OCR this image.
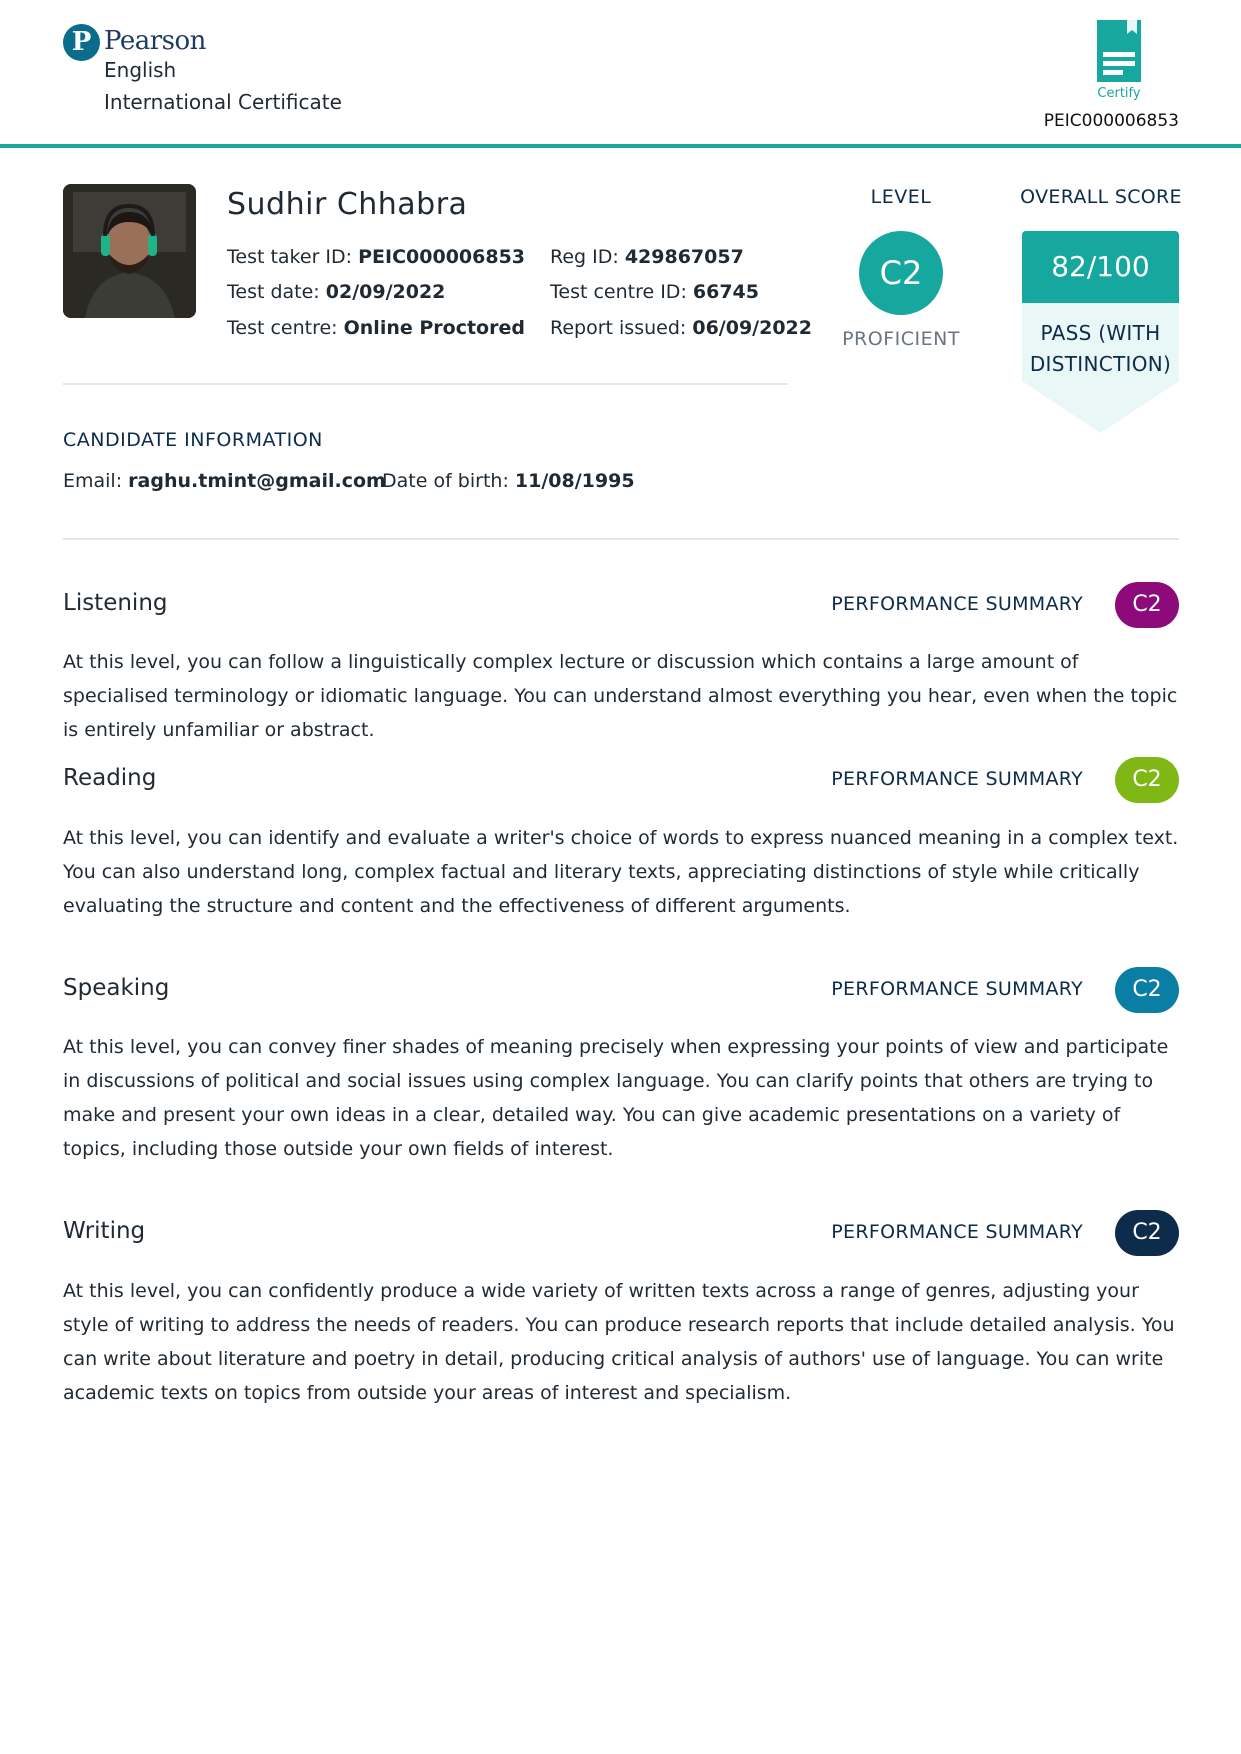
P Pearson
English
International Certificate	Certify
PEIC000006853
Sudhir Chhabra
Test taker ID: PEIC000006853
Test date: 02/09/2022
Test centre: Online Proctored
Reg ID: 429867057
Test centre ID: 66745
Report issued: 06/09/2022
LEVEL
C2
PROFICIENT
OVERALL SCORE
82/100
PASS (WITH
DISTINCTION)
CANDIDATE INFORMATION
Email: raghu.tmint@gmail.com
Date of birth: 11/08/1995
Listening	PERFORMANCE SUMMARY	C2
At this level, you can follow a linguistically complex lecture or discussion which contains a large amount of specialised terminology or idiomatic language. You can understand almost everything you hear, even when the topic is entirely unfamiliar or abstract.
Reading	PERFORMANCE SUMMARY	C2
At this level, you can identify and evaluate a writer's choice of words to express nuanced meaning in a complex text. You can also understand long, complex factual and literary texts, appreciating distinctions of style while critically evaluating the structure and content and the effectiveness of different arguments.
Speaking	PERFORMANCE SUMMARY	C2
At this level, you can convey finer shades of meaning precisely when expressing your points of view and participate in discussions of political and social issues using complex language. You can clarify points that others are trying to make and present your own ideas in a clear, detailed way. You can give academic presentations on a variety of topics, including those outside your own fields of interest.
Writing	PERFORMANCE SUMMARY	C2
At this level, you can confidently produce a wide variety of written texts across a range of genres, adjusting your style of writing to address the needs of readers. You can produce research reports that include detailed analysis. You can write about literature and poetry in detail, producing critical analysis of authors' use of language. You can write academic texts on topics from outside your areas of interest and specialism.
